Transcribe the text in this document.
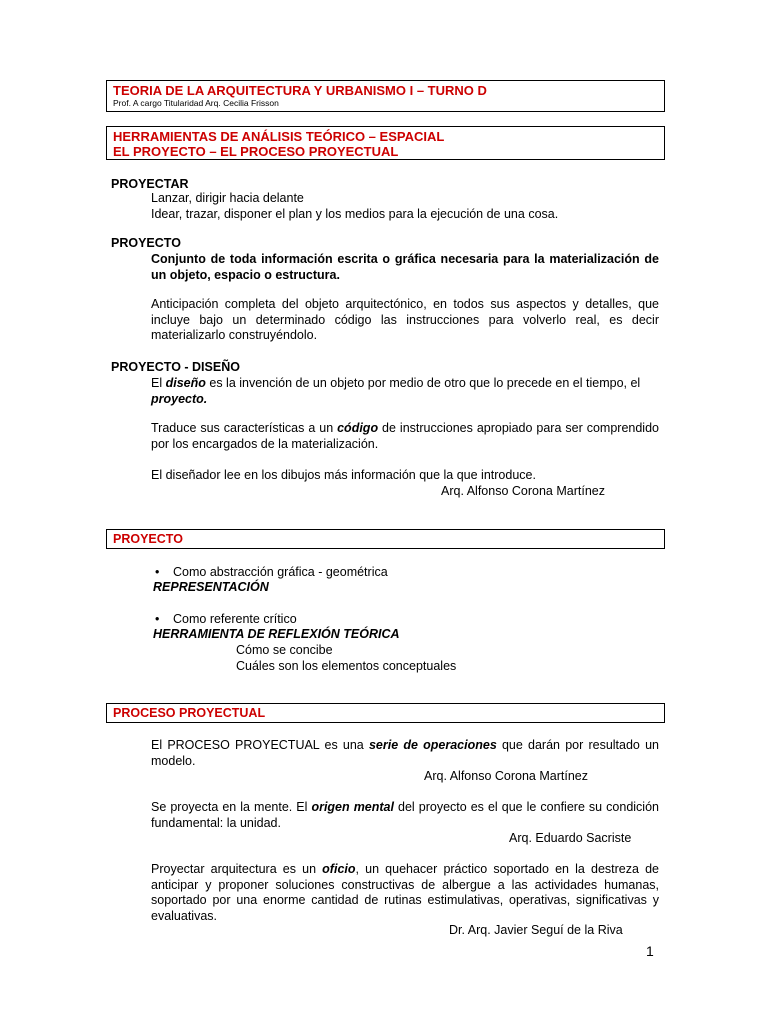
TEORIA DE LA ARQUITECTURA Y URBANISMO I – TURNO D
Prof. A cargo Titularidad Arq. Cecilia Frisson
HERRAMIENTAS DE ANÁLISIS TEÓRICO – ESPACIAL
EL PROYECTO – EL PROCESO PROYECTUAL
PROYECTAR
Lanzar, dirigir hacia delante
Idear, trazar, disponer el plan y los medios para la ejecución de una cosa.
PROYECTO
Conjunto de toda información escrita o gráfica necesaria para la materialización de un objeto, espacio o estructura.
Anticipación completa del objeto arquitectónico, en todos sus aspectos y detalles, que incluye bajo un determinado código las instrucciones para volverlo real, es decir materializarlo construyéndolo.
PROYECTO - DISEÑO
El diseño es la invención de un objeto por medio de otro que lo precede en el tiempo, el proyecto.
Traduce sus características a un código de instrucciones apropiado para ser comprendido por los encargados de la materialización.
El diseñador lee en los dibujos más información que la que introduce.
Arq. Alfonso Corona Martínez
PROYECTO
• Como abstracción gráfica - geométrica
REPRESENTACIÓN
• Como referente crítico
HERRAMIENTA DE REFLEXIÓN TEÓRICA
Cómo se concibe
Cuáles son los elementos conceptuales
PROCESO PROYECTUAL
El PROCESO PROYECTUAL es una serie de operaciones que darán por resultado un modelo.
Arq. Alfonso Corona Martínez
Se proyecta en la mente. El origen mental del proyecto es el que le confiere su condición fundamental: la unidad.
Arq. Eduardo Sacriste
Proyectar arquitectura es un oficio, un quehacer práctico soportado en la destreza de anticipar y proponer soluciones constructivas de albergue a las actividades humanas, soportado por una enorme cantidad de rutinas estimulativas, operativas, significativas y evaluativas.
Dr. Arq. Javier Seguí de la Riva
1
